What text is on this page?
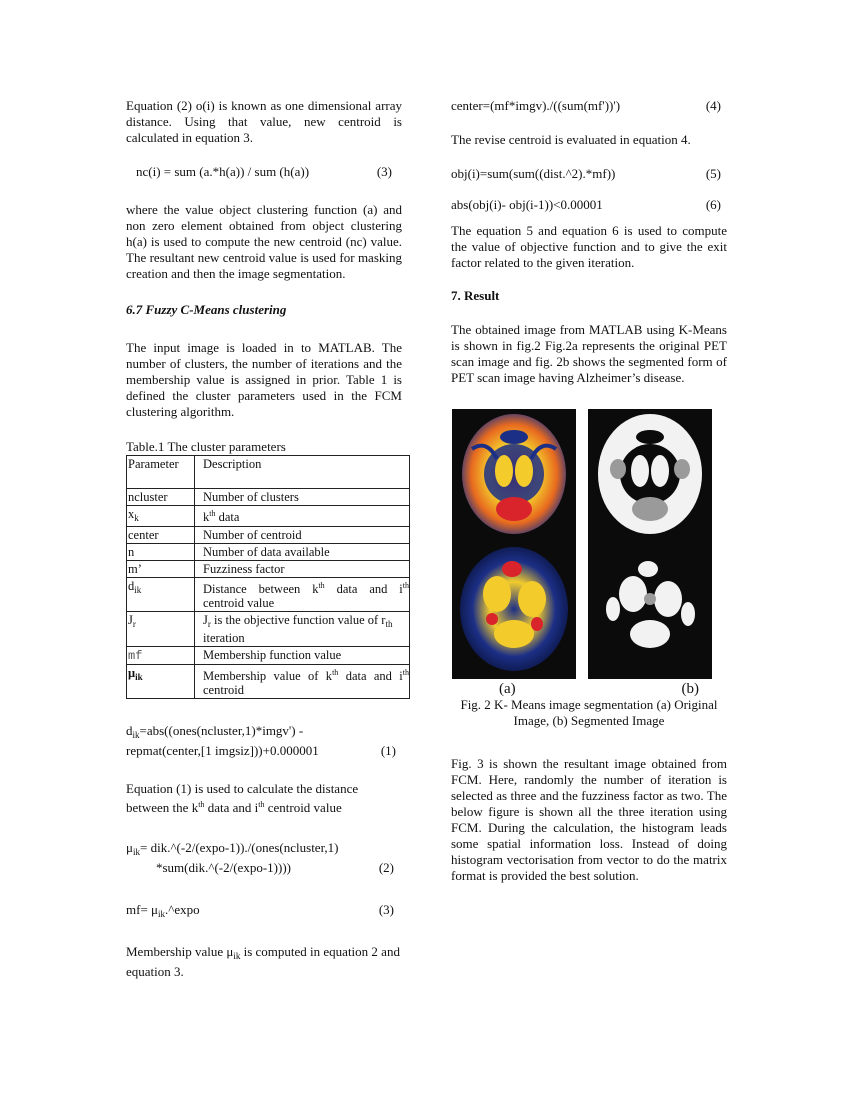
Equation (2) o(i) is known as one dimensional array distance. Using that value, new centroid is calculated in equation 3.

nc(i) = sum (a.*h(a)) / sum (h(a))	(3)

where the value object clustering function (a) and non zero element obtained from object clustering h(a) is used to compute the new centroid (nc) value. The resultant new centroid value is used for masking creation and then the image segmentation.

6.7 Fuzzy C-Means clustering

The input image is loaded in to MATLAB. The number of clusters, the number of iterations and the membership value is assigned in prior. Table 1 is defined the cluster parameters used in the FCM clustering algorithm.

Table.1 The cluster parameters

Parameter	Description
ncluster	Number of clusters
$x_k$	$k^{th}$ data
center	Number of centroid
n	Number of data available
m’	Fuzziness factor
$d_{ik}$	Distance between $k^{th}$ data and $i^{th}$ centroid value
$J_r$	$J_r$ is the objective function value of $r_{th}$ iteration
mf	Membership function value
$\mu_{ik}$	Membership value of $k^{th}$ data and $i^{th}$ centroid
$d_{ik}=abs((ones(ncluster,1)*imgv')$ -
repmat(center,[1 imgsiz]))+0.000001	(1)

Equation (1) is used to calculate the distance between the $k^{th}$ data and $i^{th}$ centroid value

$\mu_{ik}=$ dik.^(-2/(expo-1))./(ones(ncluster,1)
*sum(dik.^(-2/(expo-1))))	(2)
$mf= \mu_{ik}.\^{}\exp o$	(3)

Membership value $\mu_{ik}$ is computed in equation 2 and equation 3.

center=(mf*imgv)./((sum(mf'))')	(4)

The revise centroid is evaluated in equation 4.

obj(i)=sum(sum((dist.^2).*mf))	(5)
abs(obj(i)- obj(i-1))<0.00001	(6)

The equation 5 and equation 6 is used to compute the value of objective function and to give the exit factor related to the given iteration.

7. Result

The obtained image from MATLAB using K-Means is shown in fig.2 Fig.2a represents the original PET scan image and fig. 2b shows the segmented form of PET scan image having Alzheimer’s disease.

(a)	(b)

Fig. 2 K- Means image segmentation (a) Original Image, (b) Segmented Image

Fig. 3 is shown the resultant image obtained from FCM. Here, randomly the number of iteration is selected as three and the fuzziness factor as two. The below figure is shown all the three iteration using FCM. During the calculation, the histogram leads some spatial information loss. Instead of doing histogram vectorisation from vector to do the matrix format is provided the best solution.
